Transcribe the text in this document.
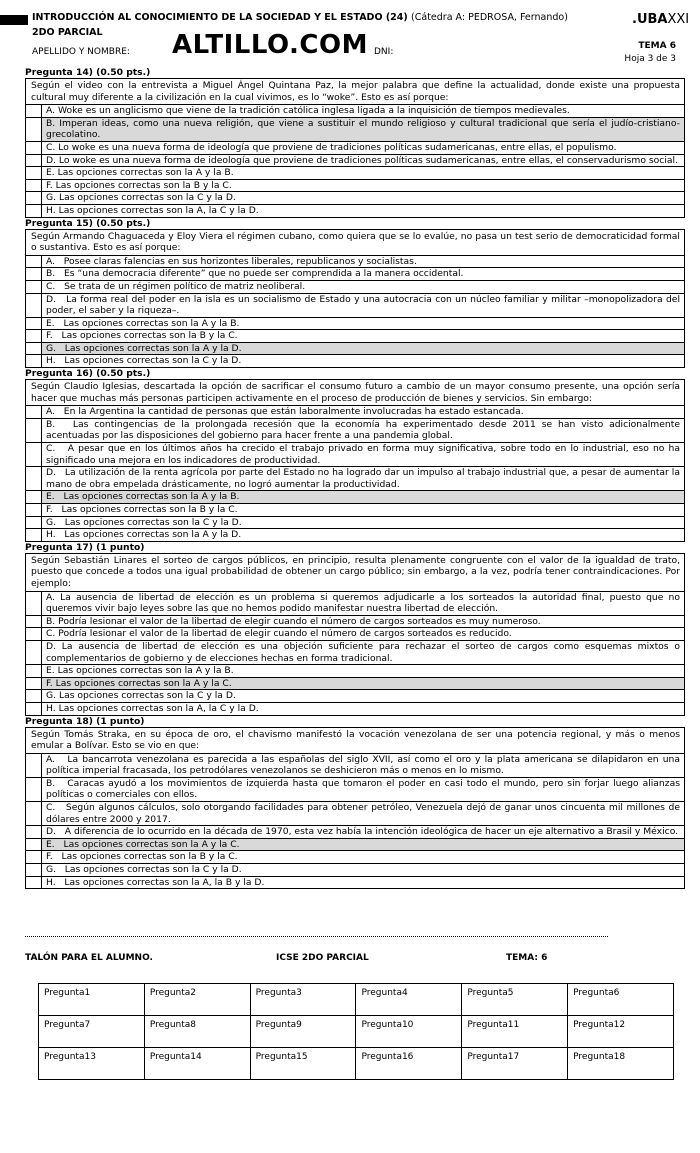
INTRODUCCIÓN AL CONOCIMIENTO DE LA SOCIEDAD Y EL ESTADO (24) (Cátedra A: PEDROSA, Fernando)
2DO PARCIAL
APELLIDO Y NOMBRE: ALTILLO.COM DNI:
.UBAXXI
TEMA 6
Hoja 3 de 3
Pregunta 14) (0.50 pts.)
Según el video con la entrevista a Miguel Ángel Quintana Paz, la mejor palabra que define la actualidad, donde existe una propuesta cultural muy diferente a la civilización en la cual vivimos, es lo “woke”. Esto es así porque:
A. Woke es un anglicismo que viene de la tradición católica inglesa ligada a la inquisición de tiempos medievales.
B. Imperan ideas, como una nueva religión, que viene a sustituir el mundo religioso y cultural tradicional que sería el judío-cristiano-grecolatino.
C. Lo woke es una nueva forma de ideología que proviene de tradiciones políticas sudamericanas, entre ellas, el populismo.
D. Lo woke es una nueva forma de ideología que proviene de tradiciones políticas sudamericanas, entre ellas, el conservadurismo social.
E. Las opciones correctas son la A y la B.
F. Las opciones correctas son la B y la C.
G. Las opciones correctas son la C y la D.
H. Las opciones correctas son la A, la C y la D.
Pregunta 15) (0.50 pts.)
Según Armando Chaguaceda y Eloy Viera el régimen cubano, como quiera que se lo evalúe, no pasa un test serio de democraticidad formal o sustantiva. Esto es así porque:
A.   Posee claras falencias en sus horizontes liberales, republicanos y socialistas.
B.   Es “una democracia diferente” que no puede ser comprendida a la manera occidental.
C.   Se trata de un régimen político de matriz neoliberal.
D.   La forma real del poder en la isla es un socialismo de Estado y una autocracia con un núcleo familiar y militar –monopolizadora del poder, el saber y la riqueza–.
E.   Las opciones correctas son la A y la B.
F.   Las opciones correctas son la B y la C.
G.   Las opciones correctas son la A y la D.
H.   Las opciones correctas son la C y la D.
Pregunta 16) (0.50 pts.)
Según Claudio Iglesias, descartada la opción de sacrificar el consumo futuro a cambio de un mayor consumo presente, una opción sería hacer que muchas más personas participen activamente en el proceso de producción de bienes y servicios. Sin embargo:
A.   En la Argentina la cantidad de personas que están laboralmente involucradas ha estado estancada.
B.   Las contingencias de la prolongada recesión que la economía ha experimentado desde 2011 se han visto adicionalmente acentuadas por las disposiciones del gobierno para hacer frente a una pandemia global.
C.   A pesar que en los últimos años ha crecido el trabajo privado en forma muy significativa, sobre todo en lo industrial, eso no ha significado una mejora en los indicadores de productividad.
D.   La utilización de la renta agrícola por parte del Estado no ha logrado dar un impulso al trabajo industrial que, a pesar de aumentar la mano de obra empelada drásticamente, no logró aumentar la productividad.
E.   Las opciones correctas son la A y la B.
F.   Las opciones correctas son la B y la C.
G.   Las opciones correctas son la C y la D.
H.   Las opciones correctas son la A y la D.
Pregunta 17) (1 punto)
Según Sebastián Linares el sorteo de cargos públicos, en principio, resulta plenamente congruente con el valor de la igualdad de trato, puesto que concede a todos una igual probabilidad de obtener un cargo público; sin embargo, a la vez, podría tener contraindicaciones. Por ejemplo:
A. La ausencia de libertad de elección es un problema si queremos adjudicarle a los sorteados la autoridad final, puesto que no queremos vivir bajo leyes sobre las que no hemos podido manifestar nuestra libertad de elección.
B. Podría lesionar el valor de la libertad de elegir cuando el número de cargos sorteados es muy numeroso.
C. Podría lesionar el valor de la libertad de elegir cuando el número de cargos sorteados es reducido.
D. La ausencia de libertad de elección es una objeción suficiente para rechazar el sorteo de cargos como esquemas mixtos o complementarios de gobierno y de elecciones hechas en forma tradicional.
E. Las opciones correctas son la A y la B.
F. Las opciones correctas son la A y la C.
G. Las opciones correctas son la C y la D.
H. Las opciones correctas son la A, la C y la D.
Pregunta 18) (1 punto)
Según Tomás Straka, en su época de oro, el chavismo manifestó la vocación venezolana de ser una potencia regional, y más o menos emular a Bolívar. Esto se vio en que:
A.   La bancarrota venezolana es parecida a las españolas del siglo XVII, así como el oro y la plata americana se dilapidaron en una política imperial fracasada, los petrodólares venezolanos se deshicieron más o menos en lo mismo.
B.   Caracas ayudó a los movimientos de izquierda hasta que tomaron el poder en casi todo el mundo, pero sin forjar luego alianzas políticas o comerciales con ellos.
C.   Según algunos cálculos, solo otorgando facilidades para obtener petróleo, Venezuela dejó de ganar unos cincuenta mil millones de dólares entre 2000 y 2017.
D.   A diferencia de lo ocurrido en la década de 1970, esta vez había la intención ideológica de hacer un eje alternativo a Brasil y México.
E.   Las opciones correctas son la A y la C.
F.   Las opciones correctas son la B y la C.
G.   Las opciones correctas son la C y la D.
H.   Las opciones correctas son la A, la B y la D.
TALÓN PARA EL ALUMNO.	ICSE 2DO PARCIAL	TEMA: 6
Pregunta1	Pregunta2	Pregunta3	Pregunta4	Pregunta5	Pregunta6
Pregunta7	Pregunta8	Pregunta9	Pregunta10	Pregunta11	Pregunta12
Pregunta13	Pregunta14	Pregunta15	Pregunta16	Pregunta17	Pregunta18
